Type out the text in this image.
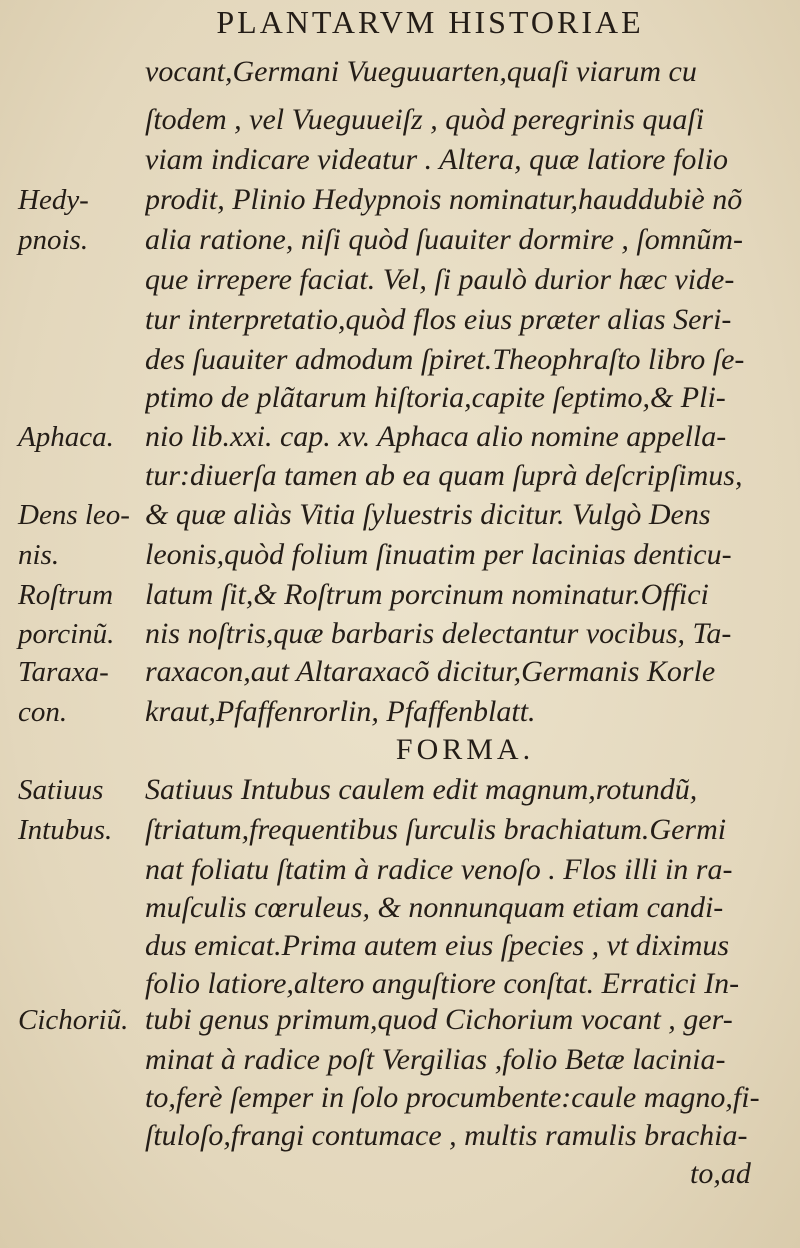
PLANTARVM HISTORIAE
Hedy-
pnois.
Aphaca.
Dens leo-
nis.
Roſtrum
porcinũ.
Taraxa-
con.
Satiuus
Intubus.
Cichoriũ.
vocant,Germani Vueguuarten,quaſi viarum cu
ſtodem , vel Vueguueiſz , quòd peregrinis quaſi
viam indicare videatur . Altera, quæ latiore folio
prodit, Plinio Hedypnois nominatur,hauddubiè nõ
alia ratione, niſi quòd ſuauiter dormire , ſomnũm-
que irrepere faciat. Vel, ſi paulò durior hæc vide-
tur interpretatio,quòd flos eius præter alias Seri-
des ſuauiter admodum ſpiret.Theophraſto libro ſe-
ptimo de plãtarum hiſtoria,capite ſeptimo,& Pli-
nio lib.xxi. cap. xv. Aphaca alio nomine appella-
tur:diuerſa tamen ab ea quam ſuprà deſcripſimus,
& quæ aliàs Vitia ſyluestris dicitur. Vulgò Dens
leonis,quòd folium ſinuatim per lacinias denticu-
latum ſit,& Roſtrum porcinum nominatur.Offici
nis noſtris,quæ barbaris delectantur vocibus, Ta-
raxacon,aut Altaraxacõ dicitur,Germanis Korle
kraut,Pfaffenrorlin, Pfaffenblatt.
FORMA.
Satiuus Intubus caulem edit magnum,rotundũ,
ſtriatum,frequentibus ſurculis brachiatum.Germi
nat foliatu ſtatim à radice venoſo . Flos illi in ra-
muſculis cœruleus, & nonnunquam etiam candi-
dus emicat.Prima autem eius ſpecies , vt diximus
folio latiore,altero anguſtiore conſtat. Erratici In-
tubi genus primum,quod Cichorium vocant , ger-
minat à radice poſt Vergilias ,folio Betæ lacinia-
to,ferè ſemper in ſolo procumbente:caule magno,fi-
ſtuloſo,frangi contumace , multis ramulis brachia-
to,ad
